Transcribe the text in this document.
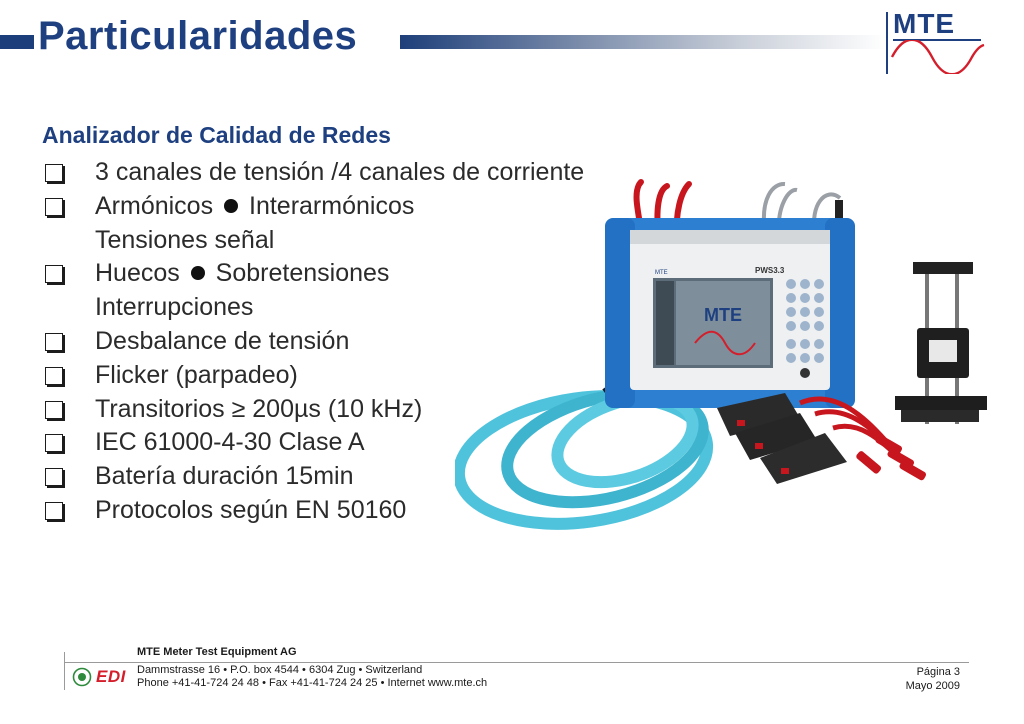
Particularidades	MTE
Analizador de Calidad de Redes
3 canales de tensión /4 canales de corriente
Armónicos Interarmónicos
Tensiones señal
Huecos Sobretensiones
Interrupciones
Desbalance de tensión
Flicker (parpadeo)
Transitorios ≥ 200µs (10 kHz)
IEC 61000-4-30 Clase A
Batería duración 15min
Protocolos según EN 50160
MTE
MTE	PWS3.3
MTE Meter Test Equipment AG
Dammstrasse 16 • P.O. box 4544 • 6304 Zug • Switzerland
Phone +41-41-724 24 48 • Fax +41-41-724 24 25 • Internet www.mte.ch
EDI	Página 3
Mayo 2009
